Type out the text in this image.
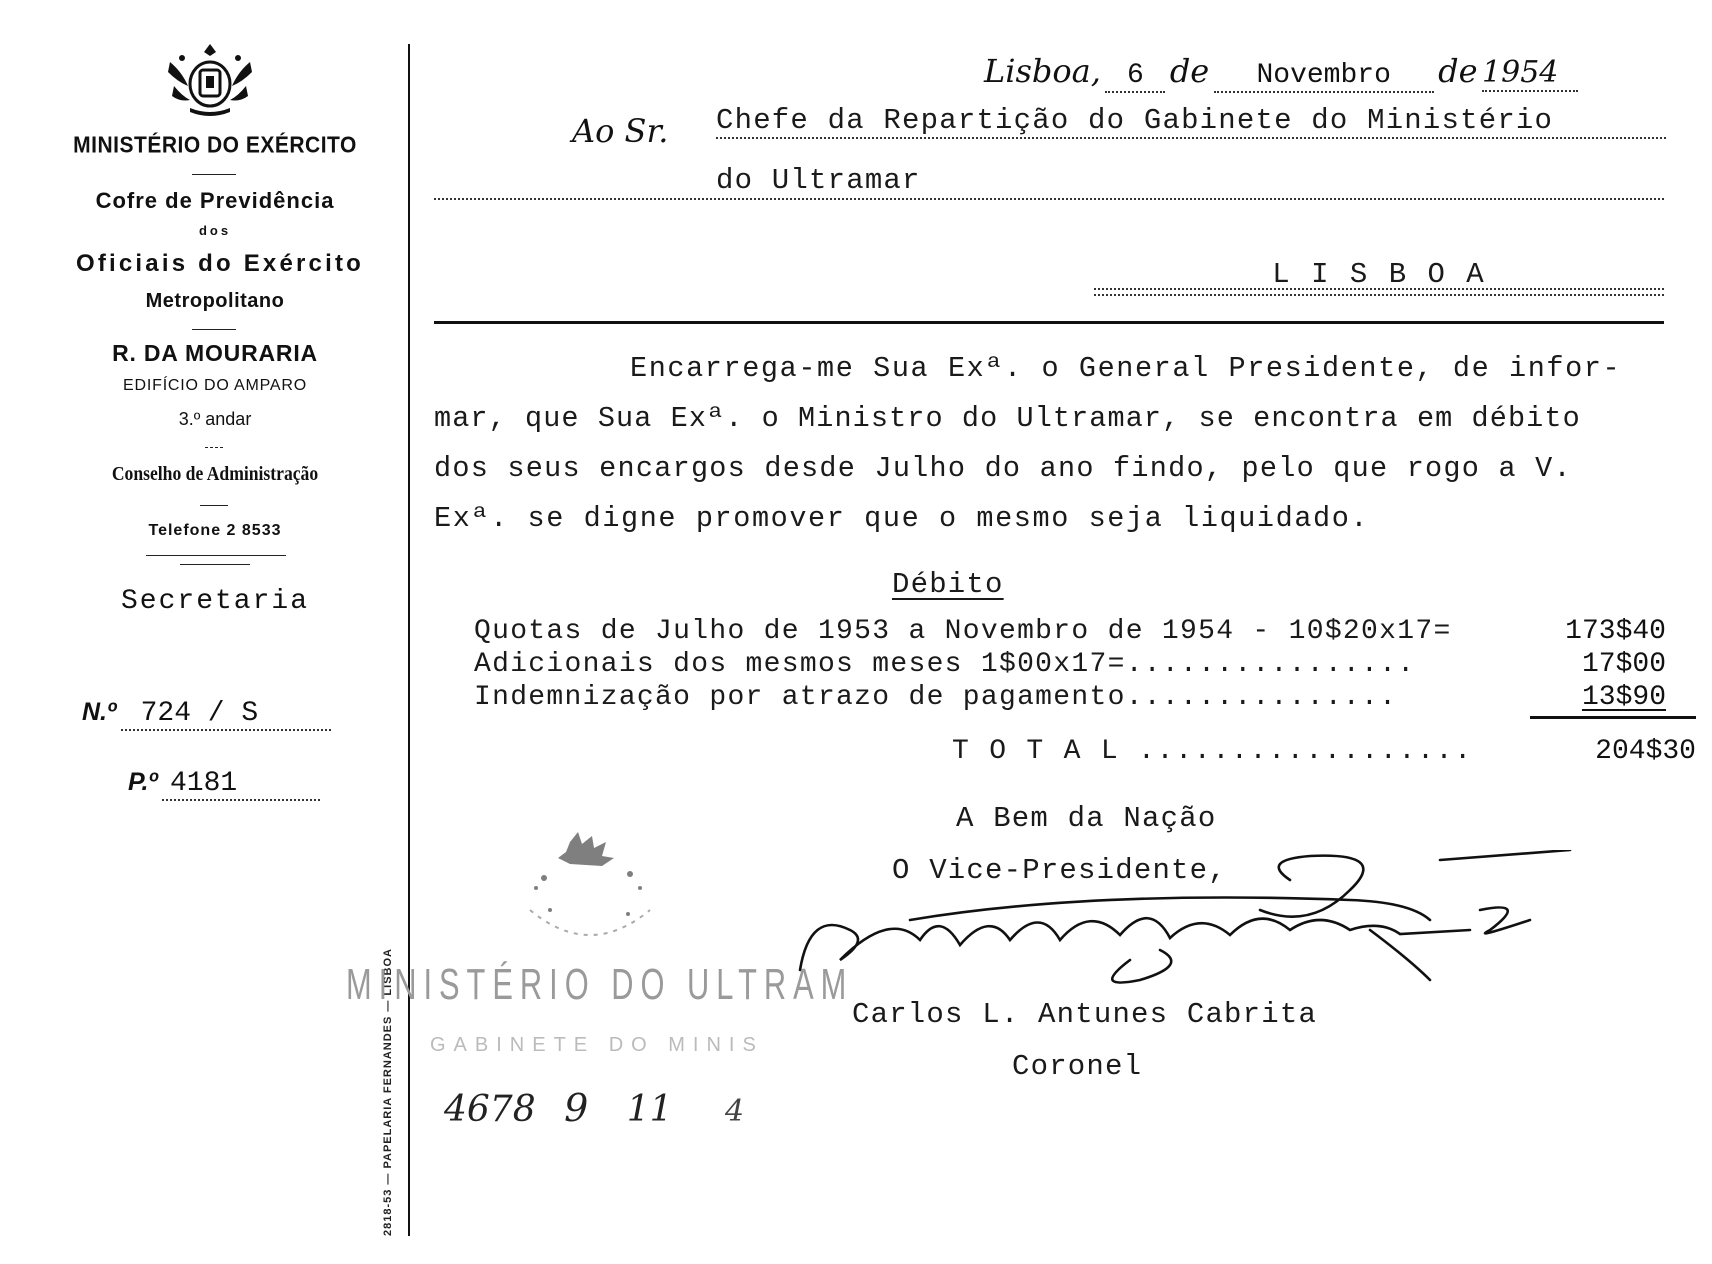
MINISTÉRIO DO EXÉRCITO
Cofre de Previdência
dos
Oficiais do Exército
Metropolitano
R. DA MOURARIA
EDIFÍCIO DO AMPARO
3.º andar
Conselho de Administração
Telefone 2 8533
Secretaria
N.º 724 / S
P.º 4181
2818-53 — PAPELARIA FERNANDES — LISBOA
Lisboa, 6 de Novembro de 1954
Ao Sr. Chefe da Repartição do Gabinete do Ministério
do Ultramar
L I S B O A
Encarrega-me Sua Exª. o General Presidente, de infor-
mar, que Sua Exª. o Ministro do Ultramar, se encontra em débito
dos seus encargos desde Julho do ano findo, pelo que rogo a V.
Exª. se digne promover que o mesmo seja liquidado.
Débito
Quotas de Julho de 1953 a Novembro de 1954 - 10$20x17=	173$40
Adicionais dos mesmos meses 1$00x17=................	17$00
Indemnização por atrazo de pagamento...............	13$90
T O T A L ..................	204$30
A Bem da Nação
O Vice-Presidente,
Carlos L. Antunes Cabrita
Coronel
MINISTÉRIO DO ULTRAM
GABINETE DO MINIS
4678 9 11 4
